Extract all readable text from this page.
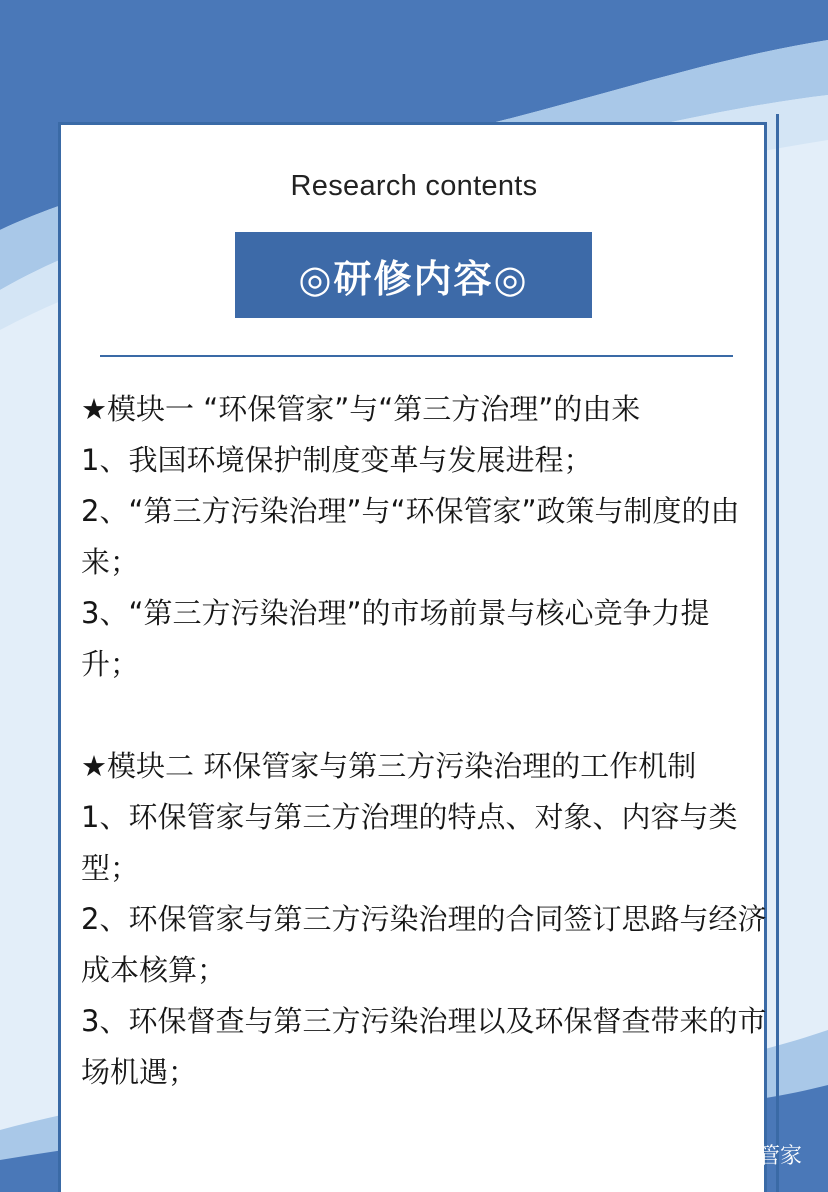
Research contents
◎研修内容◎

★模块一 “环保管家”与“第三方治理”的由来

1、我国环境保护制度变革与发展进程；

2、“第三方污染治理”与“环保管家”政策与制度的由来；

3、“第三方污染治理”的市场前景与核心竞争力提升；

★模块二 环保管家与第三方污染治理的工作机制

1、环保管家与第三方治理的特点、对象、内容与类型；

2、环保管家与第三方污染治理的合同签订思路与经济成本核算；

3、环保督查与第三方污染治理以及环保督查带来的市场机遇；

越华|润华环保管家
